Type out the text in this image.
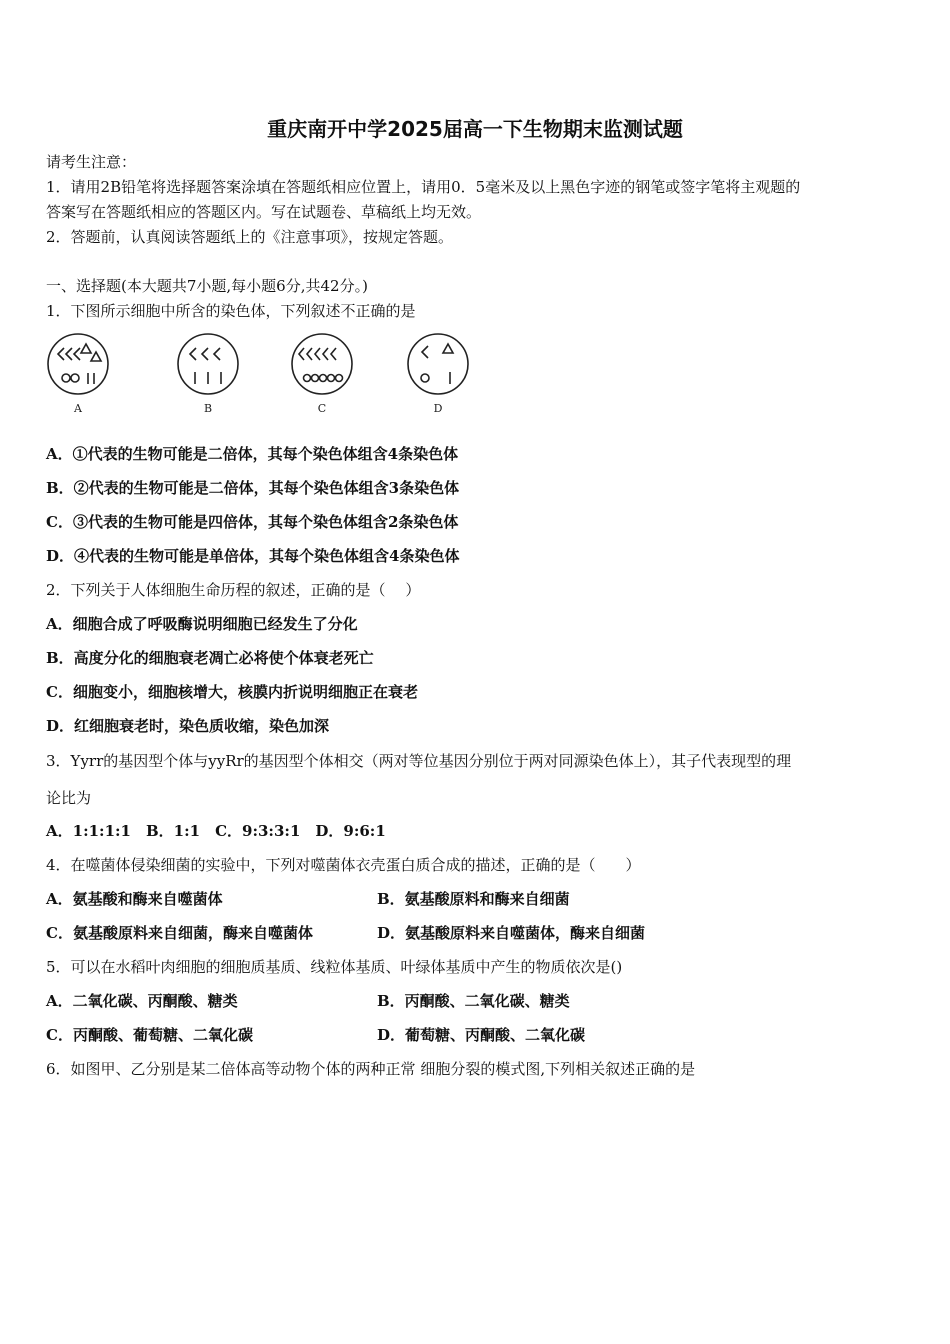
重庆南开中学2025届高一下生物期末监测试题
请考生注意：
1．请用2B铅笔将选择题答案涂填在答题纸相应位置上，请用0．5毫米及以上黑色字迹的钢笔或签字笔将主观题的
答案写在答题纸相应的答题区内。写在试题卷、草稿纸上均无效。
2．答题前，认真阅读答题纸上的《注意事项》，按规定答题。
一、选择题(本大题共7小题,每小题6分,共42分。)
1．下图所示细胞中所含的染色体，下列叙述不正确的是
A	B	C	D
A．①代表的生物可能是二倍体，其每个染色体组含4条染色体
B．②代表的生物可能是二倍体，其每个染色体组含3条染色体
C．③代表的生物可能是四倍体，其每个染色体组含2条染色体
D．④代表的生物可能是单倍体，其每个染色体组含4条染色体
2．下列关于人体细胞生命历程的叙述，正确的是（　 ）
A．细胞合成了呼吸酶说明细胞已经发生了分化
B．高度分化的细胞衰老凋亡必将使个体衰老死亡
C．细胞变小，细胞核增大，核膜内折说明细胞正在衰老
D．红细胞衰老时，染色质收缩，染色加深
3．Yyrr的基因型个体与yyRr的基因型个体相交（两对等位基因分别位于两对同源染色体上），其子代表现型的理
论比为
A．1:1:1:1　B．1:1　C．9:3:3:1　D．9:6:1
4．在噬菌体侵染细菌的实验中，下列对噬菌体衣壳蛋白质合成的描述，正确的是（　　）
A．氨基酸和酶来自噬菌体	B．氨基酸原料和酶来自细菌
C．氨基酸原料来自细菌，酶来自噬菌体	D．氨基酸原料来自噬菌体，酶来自细菌
5．可以在水稻叶肉细胞的细胞质基质、线粒体基质、叶绿体基质中产生的物质依次是()
A．二氧化碳、丙酮酸、糖类	B．丙酮酸、二氧化碳、糖类
C．丙酮酸、葡萄糖、二氧化碳	D．葡萄糖、丙酮酸、二氧化碳
6．如图甲、乙分别是某二倍体高等动物个体的两种正常 细胞分裂的模式图,下列相关叙述正确的是
